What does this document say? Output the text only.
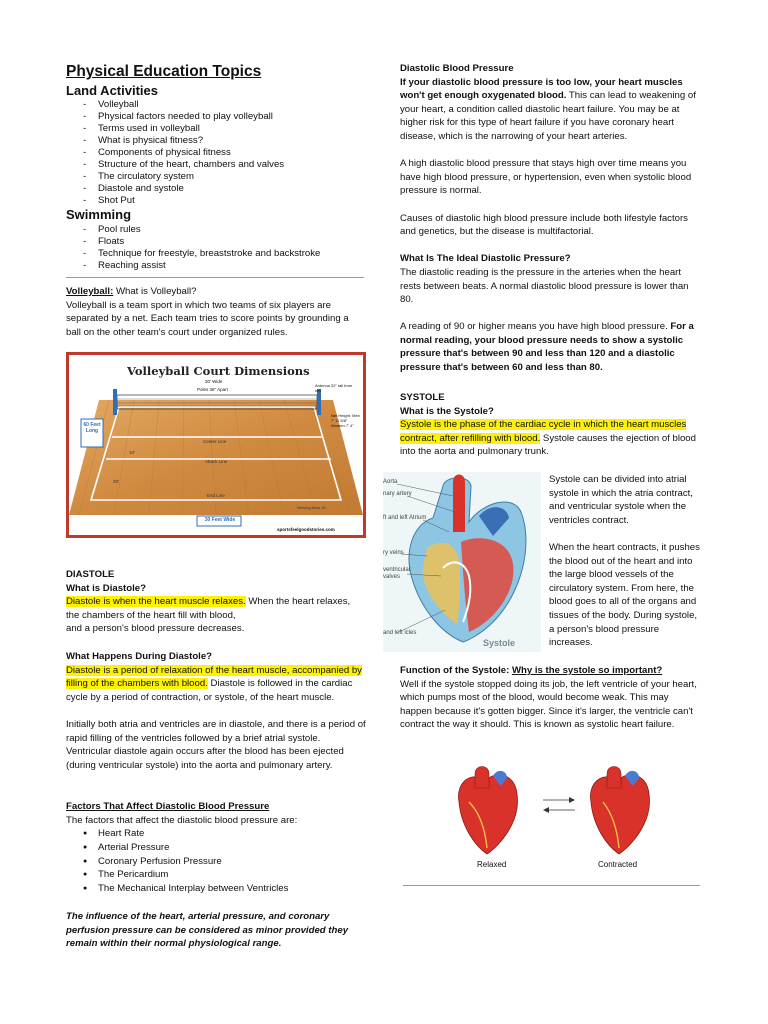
Physical Education Topics
Land Activities
- Volleyball
- Physical factors needed to play volleyball
- Terms used in volleyball
- What is physical fitness?
- Components of physical fitness
- Structure of the heart, chambers and valves
- The circulatory system
- Diastole and systole
- Shot Put
Swimming
- Pool rules
- Floats
- Technique for freestyle, breaststroke and backstroke
- Reaching assist

Volleyball: What is Volleyball?

Volleyball is a team sport in which two teams of six players are separated by a net. Each team tries to score points by grounding a ball on the other team's court under organized rules.

Volleyball Court Dimensions
30' Wide
Poles 36" Apart
Antenna 32" tall from net
Net Height: Men 7' 11 5/8" Women 7' 4"
60 Feet Long
Center Line
Attack Line
End Line
10'
20'
Serving Area 10'
30 Feet Wide
sportsfeelgoodstories.com

DIASTOLE

What is Diastole?

Diastole is when the heart muscle relaxes. When the heart relaxes,

the chambers of the heart fill with blood,

and a person's blood pressure decreases.

What Happens During Diastole?

Diastole is a period of relaxation of the heart muscle, accompanied by filling of the chambers with blood. Diastole is followed in the cardiac cycle by a period of contraction, or systole, of the heart muscle.

Initially both atria and ventricles are in diastole, and there is a period of rapid filling of the ventricles followed by a brief atrial systole. Ventricular diastole again occurs after the blood has been ejected (during ventricular systole) into the aorta and pulmonary artery.

Factors That Affect Diastolic Blood Pressure

The factors that affect the diastolic blood pressure are:

● Heart Rate
● Arterial Pressure
● Coronary Perfusion Pressure
● The Pericardium
● The Mechanical Interplay between Ventricles
The influence of the heart, arterial pressure, and coronary perfusion pressure can be considered as minor provided they remain within their normal physiological range.

Diastolic Blood Pressure

If your diastolic blood pressure is too low, your heart muscles won't get enough oxygenated blood. This can lead to weakening of your heart, a condition called diastolic heart failure. You may be at higher risk for this type of heart failure if you have coronary heart disease, which is the narrowing of your heart arteries.

A high diastolic blood pressure that stays high over time means you have high blood pressure, or hypertension, even when systolic blood pressure is normal.

Causes of diastolic high blood pressure include both lifestyle factors and genetics, but the disease is multifactorial.

What Is The Ideal Diastolic Pressure?

The diastolic reading is the pressure in the arteries when the heart rests between beats. A normal diastolic blood pressure is lower than 80.

A reading of 90 or higher means you have high blood pressure. For a normal reading, your blood pressure needs to show a systolic pressure that's between 90 and less than 120 and a diastolic pressure that's between 60 and less than 80.

SYSTOLE

What is the Systole?

Systole is the phase of the cardiac cycle in which the heart muscles contract, after refilling with blood. Systole causes the ejection of blood into the aorta and pulmonary trunk.

Aorta
nary artery
ft and left Atrium
ry veins
ventricular valves
and left icles
Systole
Systole can be divided into atrial systole in which the atria contract, and ventricular systole when the ventricles contract.
When the heart contracts, it pushes the blood out of the heart and into the large blood vessels of the circulatory system. From here, the blood goes to all of the organs and tissues of the body. During systole, a person's blood pressure increases.

Function of the Systole: Why is the systole so important?

Well if the systole stopped doing its job, the left ventricle of your heart, which pumps most of the blood, would become weak. This may happen because it's gotten bigger. Since it's larger, the ventricle can't contract the way it should. This is known as systolic heart failure.

Relaxed	Contracted
